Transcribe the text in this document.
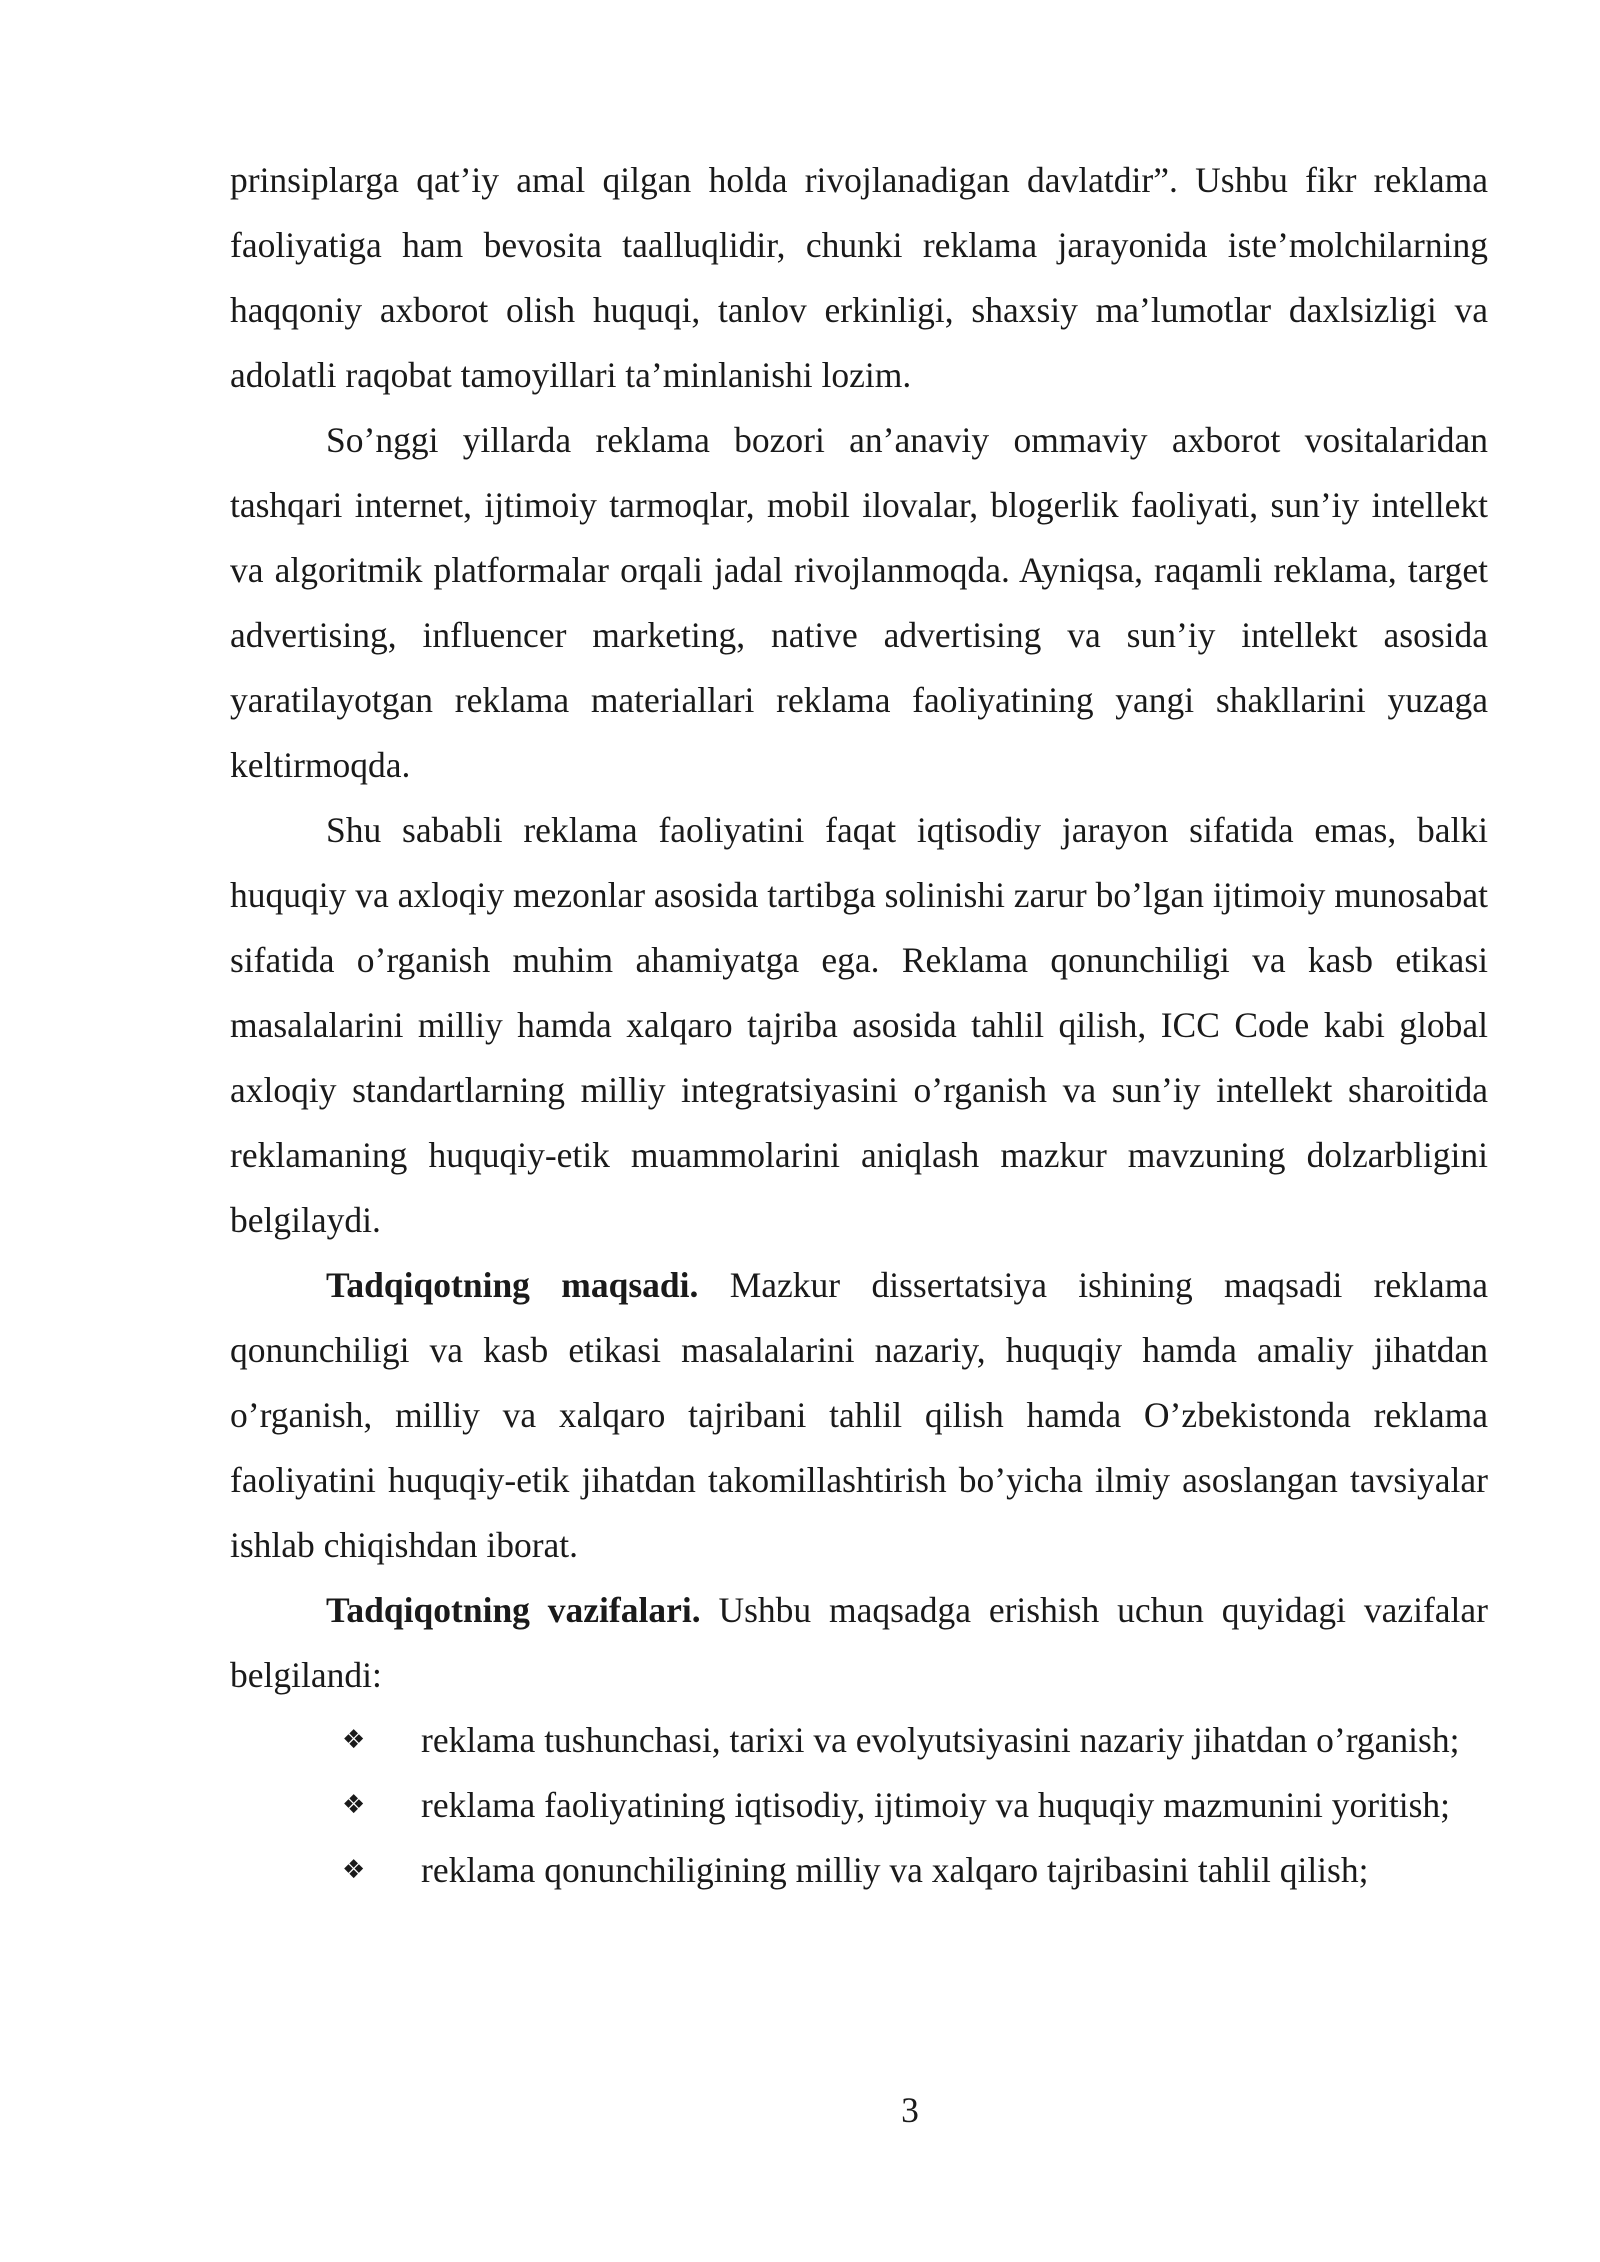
prinsiplarga qat’iy amal qilgan holda rivojlanadigan davlatdir”. Ushbu fikr reklama faoliyatiga ham bevosita taalluqlidir, chunki reklama jarayonida iste’molchilarning haqqoniy axborot olish huquqi, tanlov erkinligi, shaxsiy ma’lumotlar daxlsizligi va adolatli raqobat tamoyillari ta’minlanishi lozim.

So’nggi yillarda reklama bozori an’anaviy ommaviy axborot vositalaridan tashqari internet, ijtimoiy tarmoqlar, mobil ilovalar, blogerlik faoliyati, sun’iy intellekt va algoritmik platformalar orqali jadal rivojlanmoqda. Ayniqsa, raqamli reklama, target advertising, influencer marketing, native advertising va sun’iy intellekt asosida yaratilayotgan reklama materiallari reklama faoliyatining yangi shakllarini yuzaga keltirmoqda.

Shu sababli reklama faoliyatini faqat iqtisodiy jarayon sifatida emas, balki huquqiy va axloqiy mezonlar asosida tartibga solinishi zarur bo’lgan ijtimoiy munosabat sifatida o’rganish muhim ahamiyatga ega. Reklama qonunchiligi va kasb etikasi masalalarini milliy hamda xalqaro tajriba asosida tahlil qilish, ICC Code kabi global axloqiy standartlarning milliy integratsiyasini o’rganish va sun’iy intellekt sharoitida reklamaning huquqiy-etik muammolarini aniqlash mazkur mavzuning dolzarbligini belgilaydi.

Tadqiqotning maqsadi. Mazkur dissertatsiya ishining maqsadi reklama qonunchiligi va kasb etikasi masalalarini nazariy, huquqiy hamda amaliy jihatdan o’rganish, milliy va xalqaro tajribani tahlil qilish hamda O’zbekistonda reklama faoliyatini huquqiy-etik jihatdan takomillashtirish bo’yicha ilmiy asoslangan tavsiyalar ishlab chiqishdan iborat.

Tadqiqotning vazifalari. Ushbu maqsadga erishish uchun quyidagi vazifalar belgilandi:

❖ reklama tushunchasi, tarixi va evolyutsiyasini nazariy jihatdan o’rganish;

❖ reklama faoliyatining iqtisodiy, ijtimoiy va huquqiy mazmunini yoritish;

❖ reklama qonunchiligining milliy va xalqaro tajribasini tahlil qilish;

3
